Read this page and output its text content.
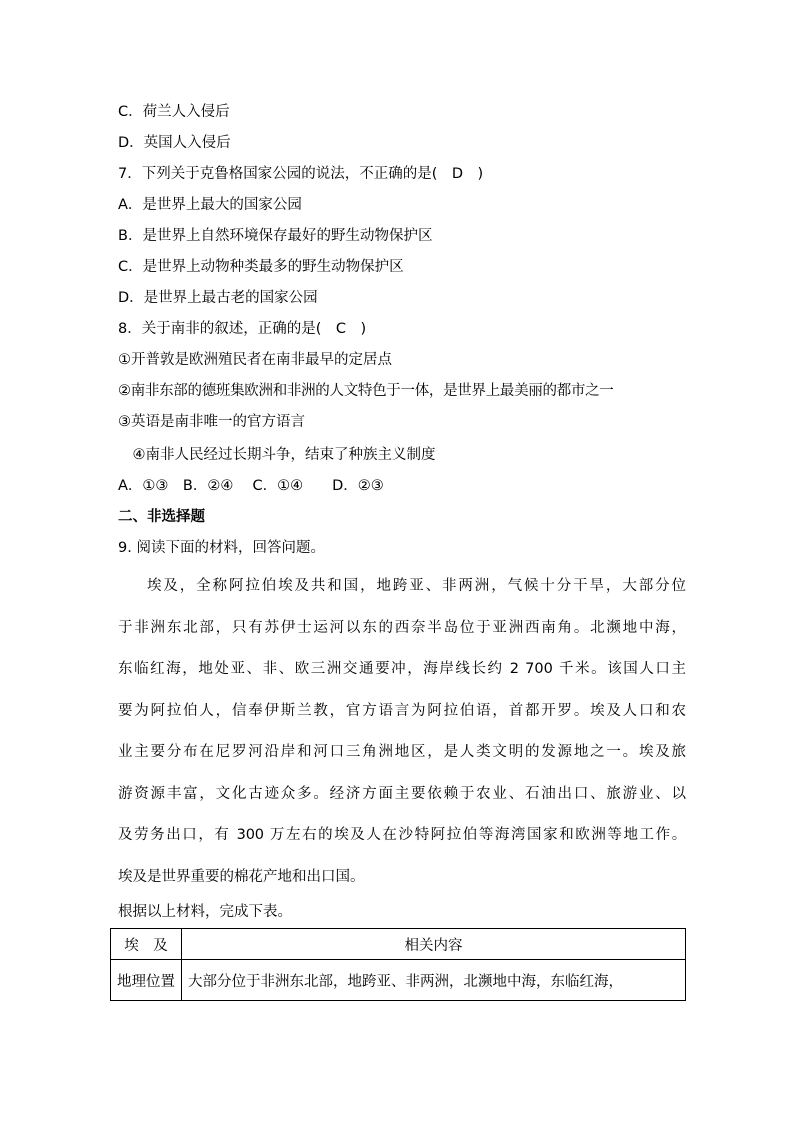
C．荷兰人入侵后
D．英国人入侵后
7．下列关于克鲁格国家公园的说法，不正确的是(　D　)
A．是世界上最大的国家公园
B．是世界上自然环境保存最好的野生动物保护区
C．是世界上动物种类最多的野生动物保护区
D．是世界上最古老的国家公园
8．关于南非的叙述，正确的是(　C　)
①开普敦是欧洲殖民者在南非最早的定居点
②南非东部的德班集欧洲和非洲的人文特色于一体，是世界上最美丽的都市之一
③英语是南非唯一的官方语言
　④南非人民经过长期斗争，结束了种族主义制度
A．①③　B．②④　 C．①④　　D．②③
二、非选择题
9. 阅读下面的材料，回答问题。
埃及，全称阿拉伯埃及共和国，地跨亚、非两洲，气候十分干旱，大部分位
于非洲东北部，只有苏伊士运河以东的西奈半岛位于亚洲西南角。北濒地中海，
东临红海，地处亚、非、欧三洲交通要冲，海岸线长约 2 700 千米。该国人口主
要为阿拉伯人，信奉伊斯兰教，官方语言为阿拉伯语，首都开罗。埃及人口和农
业主要分布在尼罗河沿岸和河口三角洲地区，是人类文明的发源地之一。埃及旅
游资源丰富，文化古迹众多。经济方面主要依赖于农业、石油出口、旅游业、以
及劳务出口，有 300 万左右的埃及人在沙特阿拉伯等海湾国家和欧洲等地工作。
埃及是世界重要的棉花产地和出口国。
根据以上材料，完成下表。
埃　及	相关内容
地理位置	大部分位于非洲东北部，地跨亚、非两洲，北濒地中海，东临红海，
